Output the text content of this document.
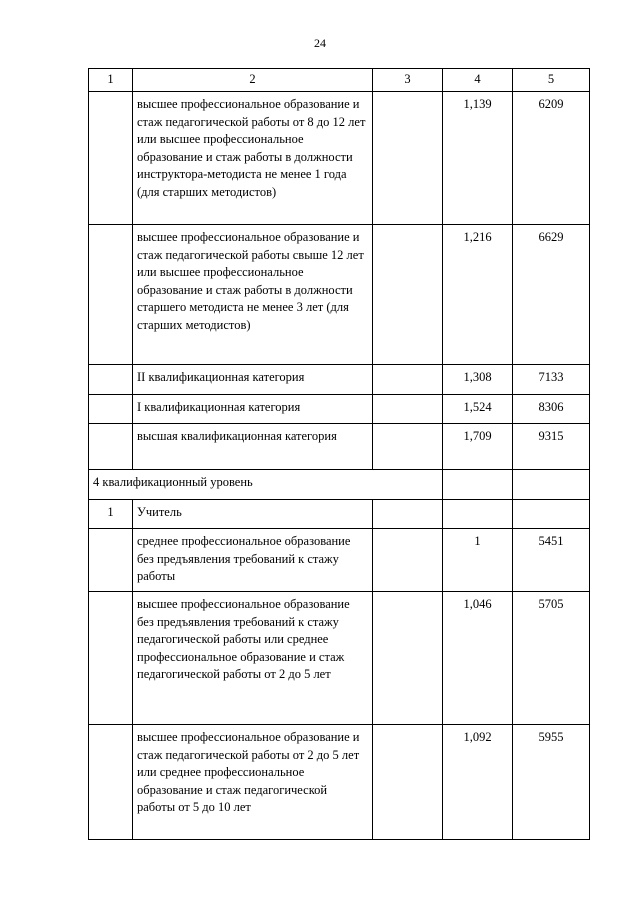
24
1	2	3	4	5
	высшее профессиональное образование и стаж педагогической работы от 8 до 12 лет или высшее профессиональное образование и стаж работы в должности инструктора-методиста не менее 1 года (для старших методистов)		1,139	6209
	высшее профессиональное образование и стаж педагогической работы свыше 12 лет или высшее профессиональное образование и стаж работы в должности старшего методиста не менее 3 лет (для старших методистов)		1,216	6629
	II квалификационная категория		1,308	7133
	I квалификационная категория		1,524	8306
	высшая квалификационная категория		1,709	9315
4 квалификационный уровень				
1	Учитель			
	среднее профессиональное образование без предъявления требований к стажу работы		1	5451
	высшее профессиональное образование без предъявления требований к стажу педагогической работы или среднее профессиональное образование и стаж педагогической работы от 2 до 5 лет		1,046	5705
	высшее профессиональное образование и стаж педагогической работы от 2 до 5 лет или среднее профессиональное образование и стаж педагогической работы от 5 до 10 лет		1,092	5955
